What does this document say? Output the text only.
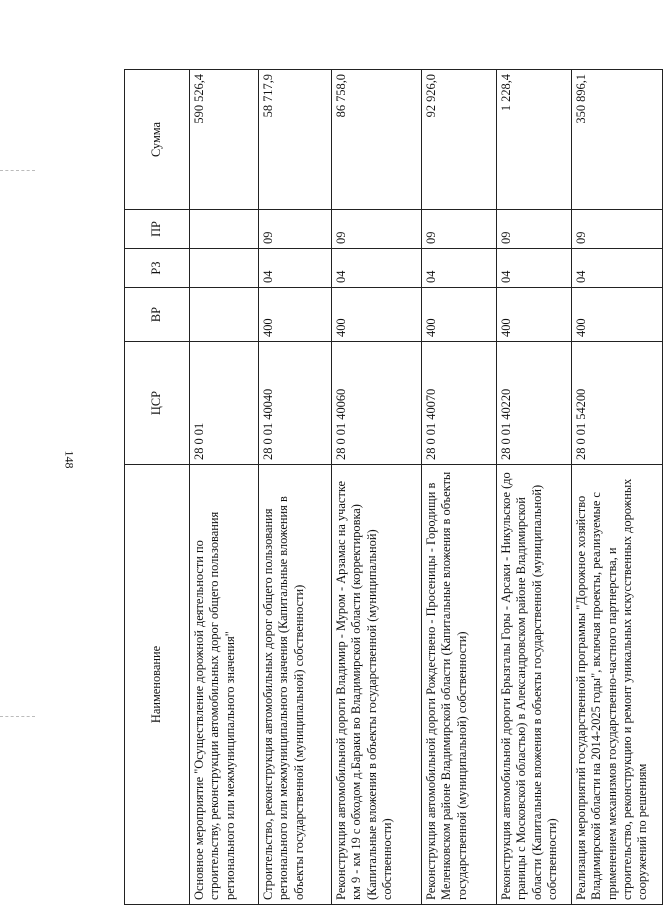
148
Наименование	ЦСР	ВР	РЗ	ПР	Сумма

Основное мероприятие "Осуществление дорожной деятельности по строительству, реконструкции автомобильных дорог общего пользования регионального или межмуниципального значения"	28 0 01				590 526,4

Строительство, реконструкция автомобильных дорог общего пользования регионального или межмуниципального значения (Капитальные вложения в объекты государственной (муниципальной) собственности)	28 0 01 40040	400	04	09	58 717,9

Реконструкция автомобильной дороги Владимир - Муром - Арзамас на участке км 9 - км 19 с обходом д.Бараки во Владимирской области (корректировка) (Капитальные вложения в объекты государственной (муниципальной) собственности)	28 0 01 40060	400	04	09	86 758,0

Реконструкция автомобильной дороги Рождествено - Просеницы - Городищи в Меленковском районе Владимирской области (Капитальные вложения в объекты государственной (муниципальной) собственности)	28 0 01 40070	400	04	09	92 926,0

Реконструкция автомобильной дороги Брызгалы Горы - Арсаки - Никульское (до границы с Московской областью) в Александровском районе Владимирской области (Капитальные вложения в объекты государственной (муниципальной) собственности)	28 0 01 40220	400	04	09	1 228,4

Реализация мероприятий государственной программы "Дорожное хозяйство Владимирской области на 2014-2025 годы", включая проекты, реализуемые с применением механизмов государственно-частного партнерства, и строительство, реконструкцию и ремонт уникальных искусственных дорожных сооружений по решениям	28 0 01 54200	400	04	09	350 896,1
